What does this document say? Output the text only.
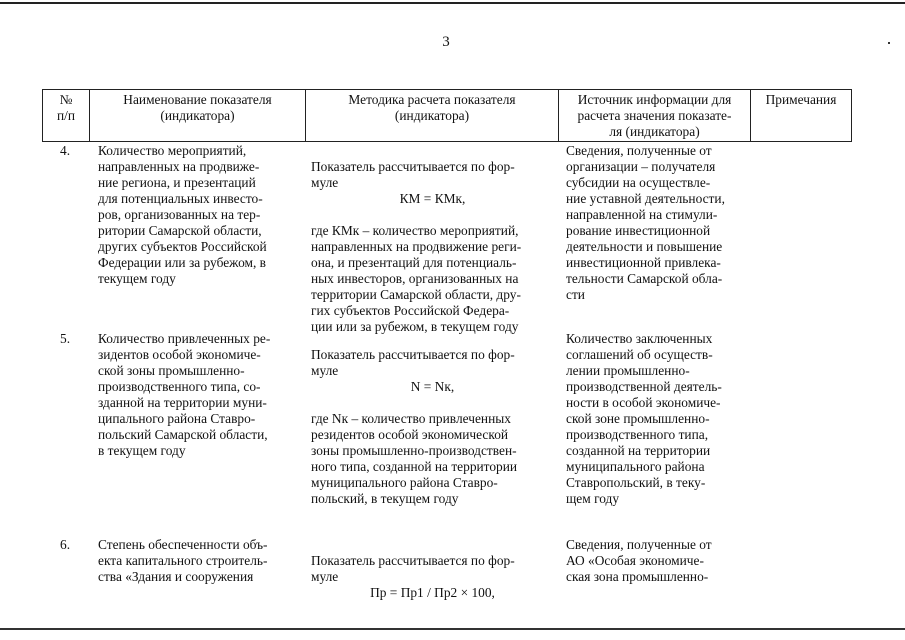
3
№
п/п
Наименование показателя
(индикатора)
Методика расчета показателя
(индикатора)
Источник информации для
расчета значения показате-
ля (индикатора)
Примечания
4. Количество мероприятий,
направленных на продвиже-
ние региона, и презентаций
для потенциальных инвесто-
ров, организованных на тер-
ритории Самарской области,
других субъектов Российской
Федерации или за рубежом, в
текущем году

Показатель рассчитывается по фор-
муле

КМ = КМк,

где КМк – количество мероприятий,
направленных на продвижение реги-
она, и презентаций для потенциаль-
ных инвесторов, организованных на
территории Самарской области, дру-
гих субъектов Российской Федера-
ции или за рубежом, в текущем году

Сведения, полученные от
организации – получателя
субсидии на осуществле-
ние уставной деятельности,
направленной на стимули-
рование инвестиционной
деятельности и повышение
инвестиционной привлека-
тельности Самарской обла-
сти
5. Количество привлеченных ре-
зидентов особой экономиче-
ской зоны промышленно-
производственного типа, со-
зданной на территории муни-
ципального района Ставро-
польский Самарской области,
в текущем году

Показатель рассчитывается по фор-
муле

N = Nк,

где Nк – количество привлеченных
резидентов особой экономической
зоны промышленно-производствен-
ного типа, созданной на территории
муниципального района Ставро-
польский, в текущем году

Количество заключенных
соглашений об осуществ-
лении промышленно-
производственной деятель-
ности в особой экономиче-
ской зоне промышленно-
производственного типа,
созданной на территории
муниципального района
Ставропольский, в теку-
щем году
6. Степень обеспеченности объ-
екта капитального строитель-
ства «Здания и сооружения

Показатель рассчитывается по фор-
муле

Пр = Пр1 / Пр2 × 100,

Сведения, полученные от
АО «Особая экономиче-
ская зона промышленно-
